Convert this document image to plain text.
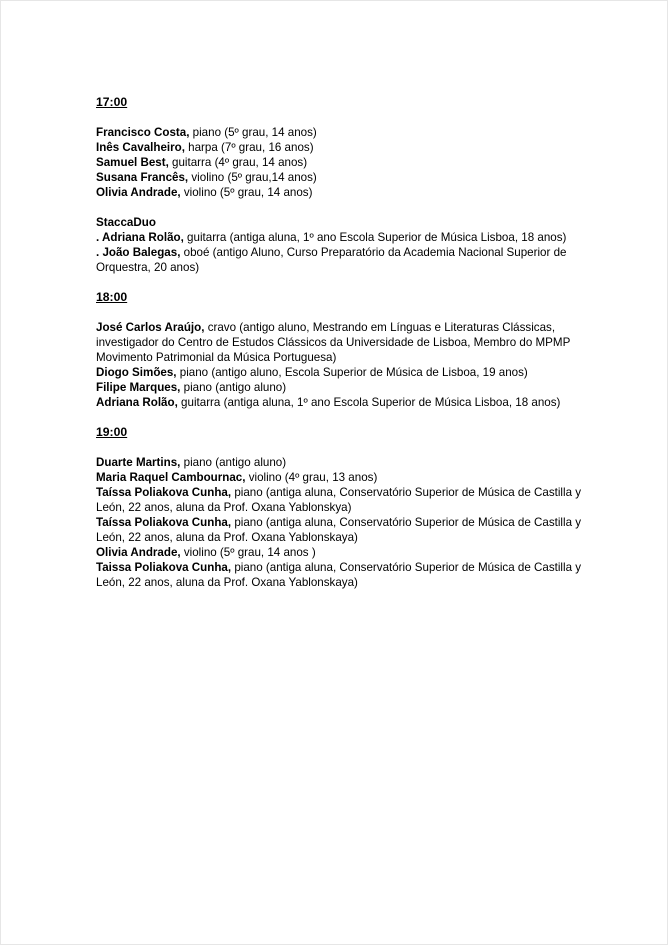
17:00

Francisco Costa, piano (5º grau, 14 anos)

Inês Cavalheiro, harpa (7º grau, 16 anos)

Samuel Best, guitarra (4º grau, 14 anos)

Susana Francês, violino (5º grau,14 anos)

Olivia Andrade, violino (5º grau, 14 anos)

StaccaDuo

. Adriana Rolão, guitarra (antiga aluna, 1º ano Escola Superior de Música Lisboa, 18 anos)

. João Balegas, oboé (antigo Aluno, Curso Preparatório da Academia Nacional Superior de Orquestra, 20 anos)

18:00

José Carlos Araújo, cravo (antigo aluno, Mestrando em Línguas e Literaturas Clássicas, investigador do Centro de Estudos Clássicos da Universidade de Lisboa, Membro do MPMP Movimento Patrimonial da Música Portuguesa)

Diogo Simões, piano (antigo aluno, Escola Superior de Música de Lisboa, 19 anos)

Filipe Marques, piano (antigo aluno)

Adriana Rolão, guitarra (antiga aluna, 1º ano Escola Superior de Música Lisboa, 18 anos)

19:00

Duarte Martins, piano (antigo aluno)

Maria Raquel Cambournac, violino (4º grau, 13 anos)

Taíssa Poliakova Cunha, piano (antiga aluna, Conservatório Superior de Música de Castilla y León, 22 anos, aluna da Prof. Oxana Yablonskya)

Taíssa Poliakova Cunha, piano (antiga aluna, Conservatório Superior de Música de Castilla y León, 22 anos, aluna da Prof. Oxana Yablonskaya)

Olivia Andrade, violino (5º grau, 14 anos )

Taissa Poliakova Cunha, piano (antiga aluna, Conservatório Superior de Música de Castilla y León, 22 anos, aluna da Prof. Oxana Yablonskaya)
